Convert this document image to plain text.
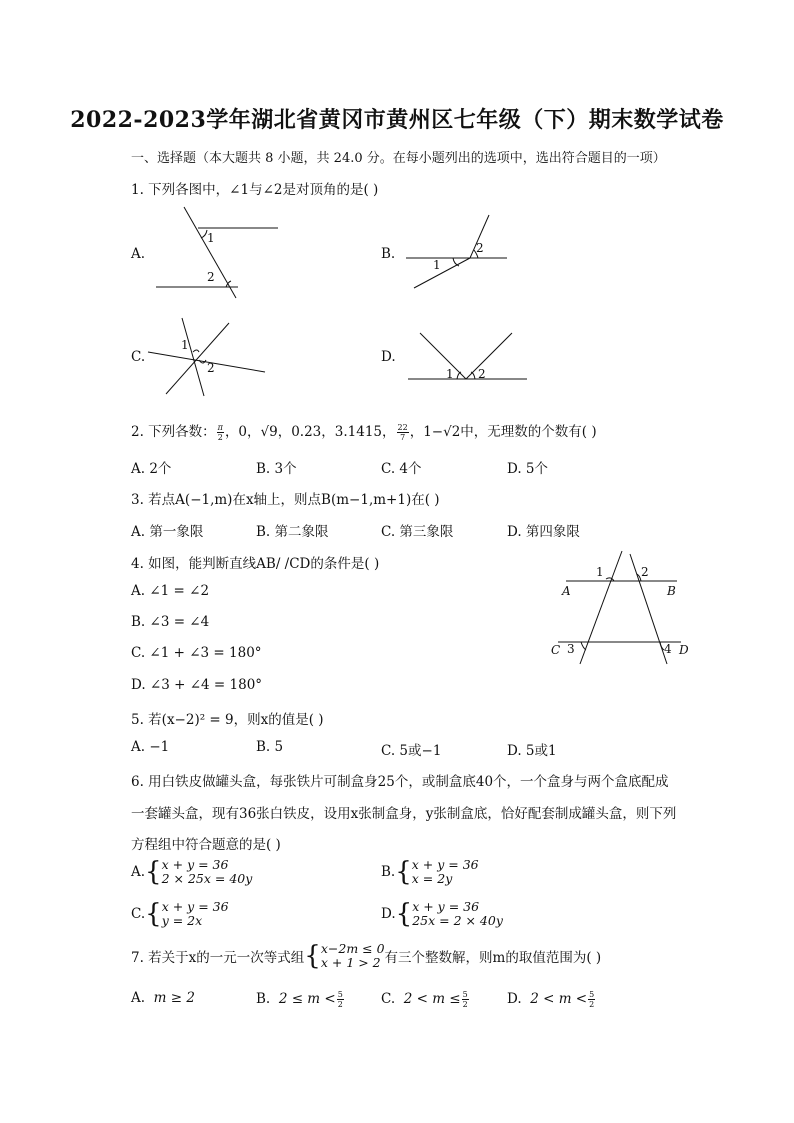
2022-2023学年湖北省黄冈市黄州区七年级（下）期末数学试卷
一、选择题（本大题共 8 小题，共 24.0 分。在每小题列出的选项中，选出符合题目的一项）
1. 下列各图中，∠1与∠2是对顶角的是( )
A.	B.
C.	D.
1
2
1
2
1
2	1 2
2. 下列各数： $\frac{\pi}{2}$ ，0，√9，0.23，3.1415， $\frac{22}{7}$ ，1−√2中，无理数的个数有( )
A. 2个	B. 3个	C. 4个	D. 5个
3. 若点A(−1,m)在x轴上，则点B(m−1,m+1)在( )
A. 第一象限	B. 第二象限	C. 第三象限	D. 第四象限
4. 如图，能判断直线AB/ /CD的条件是( )
A. ∠1 = ∠2
B. ∠3 = ∠4
C. ∠1 + ∠3 = 180°
D. ∠3 + ∠4 = 180°
1	2
3	4
A	B
C	D
5. 若(x−2)² = 9，则x的值是( )
A. −1	B. 5	C. 5或−1	D. 5或1
6. 用白铁皮做罐头盒，每张铁片可制盒身25个，或制盒底40个，一个盒身与两个盒底配成
一套罐头盒，现有36张白铁皮，设用x张制盒身，y张制盒底，恰好配套制成罐头盒，则下列
方程组中符合题意的是( )
A.{ x + y = 36
2 × 25x = 40y	B.{ x + y = 36
x = 2y
C.{ x + y = 36
y = 2x	D.{ x + y = 36
25x = 2 × 40y
7. 若关于x的一元一次等式组{ x−2m ≤ 0
x + 1 > 2 有三个整数解，则m的取值范围为( )
A. m ≥ 2	B. $2 \le m < \frac{5}{2}$	C. $2 < m \le \frac{5}{2}$	D. $2 < m < \frac{5}{2}$
